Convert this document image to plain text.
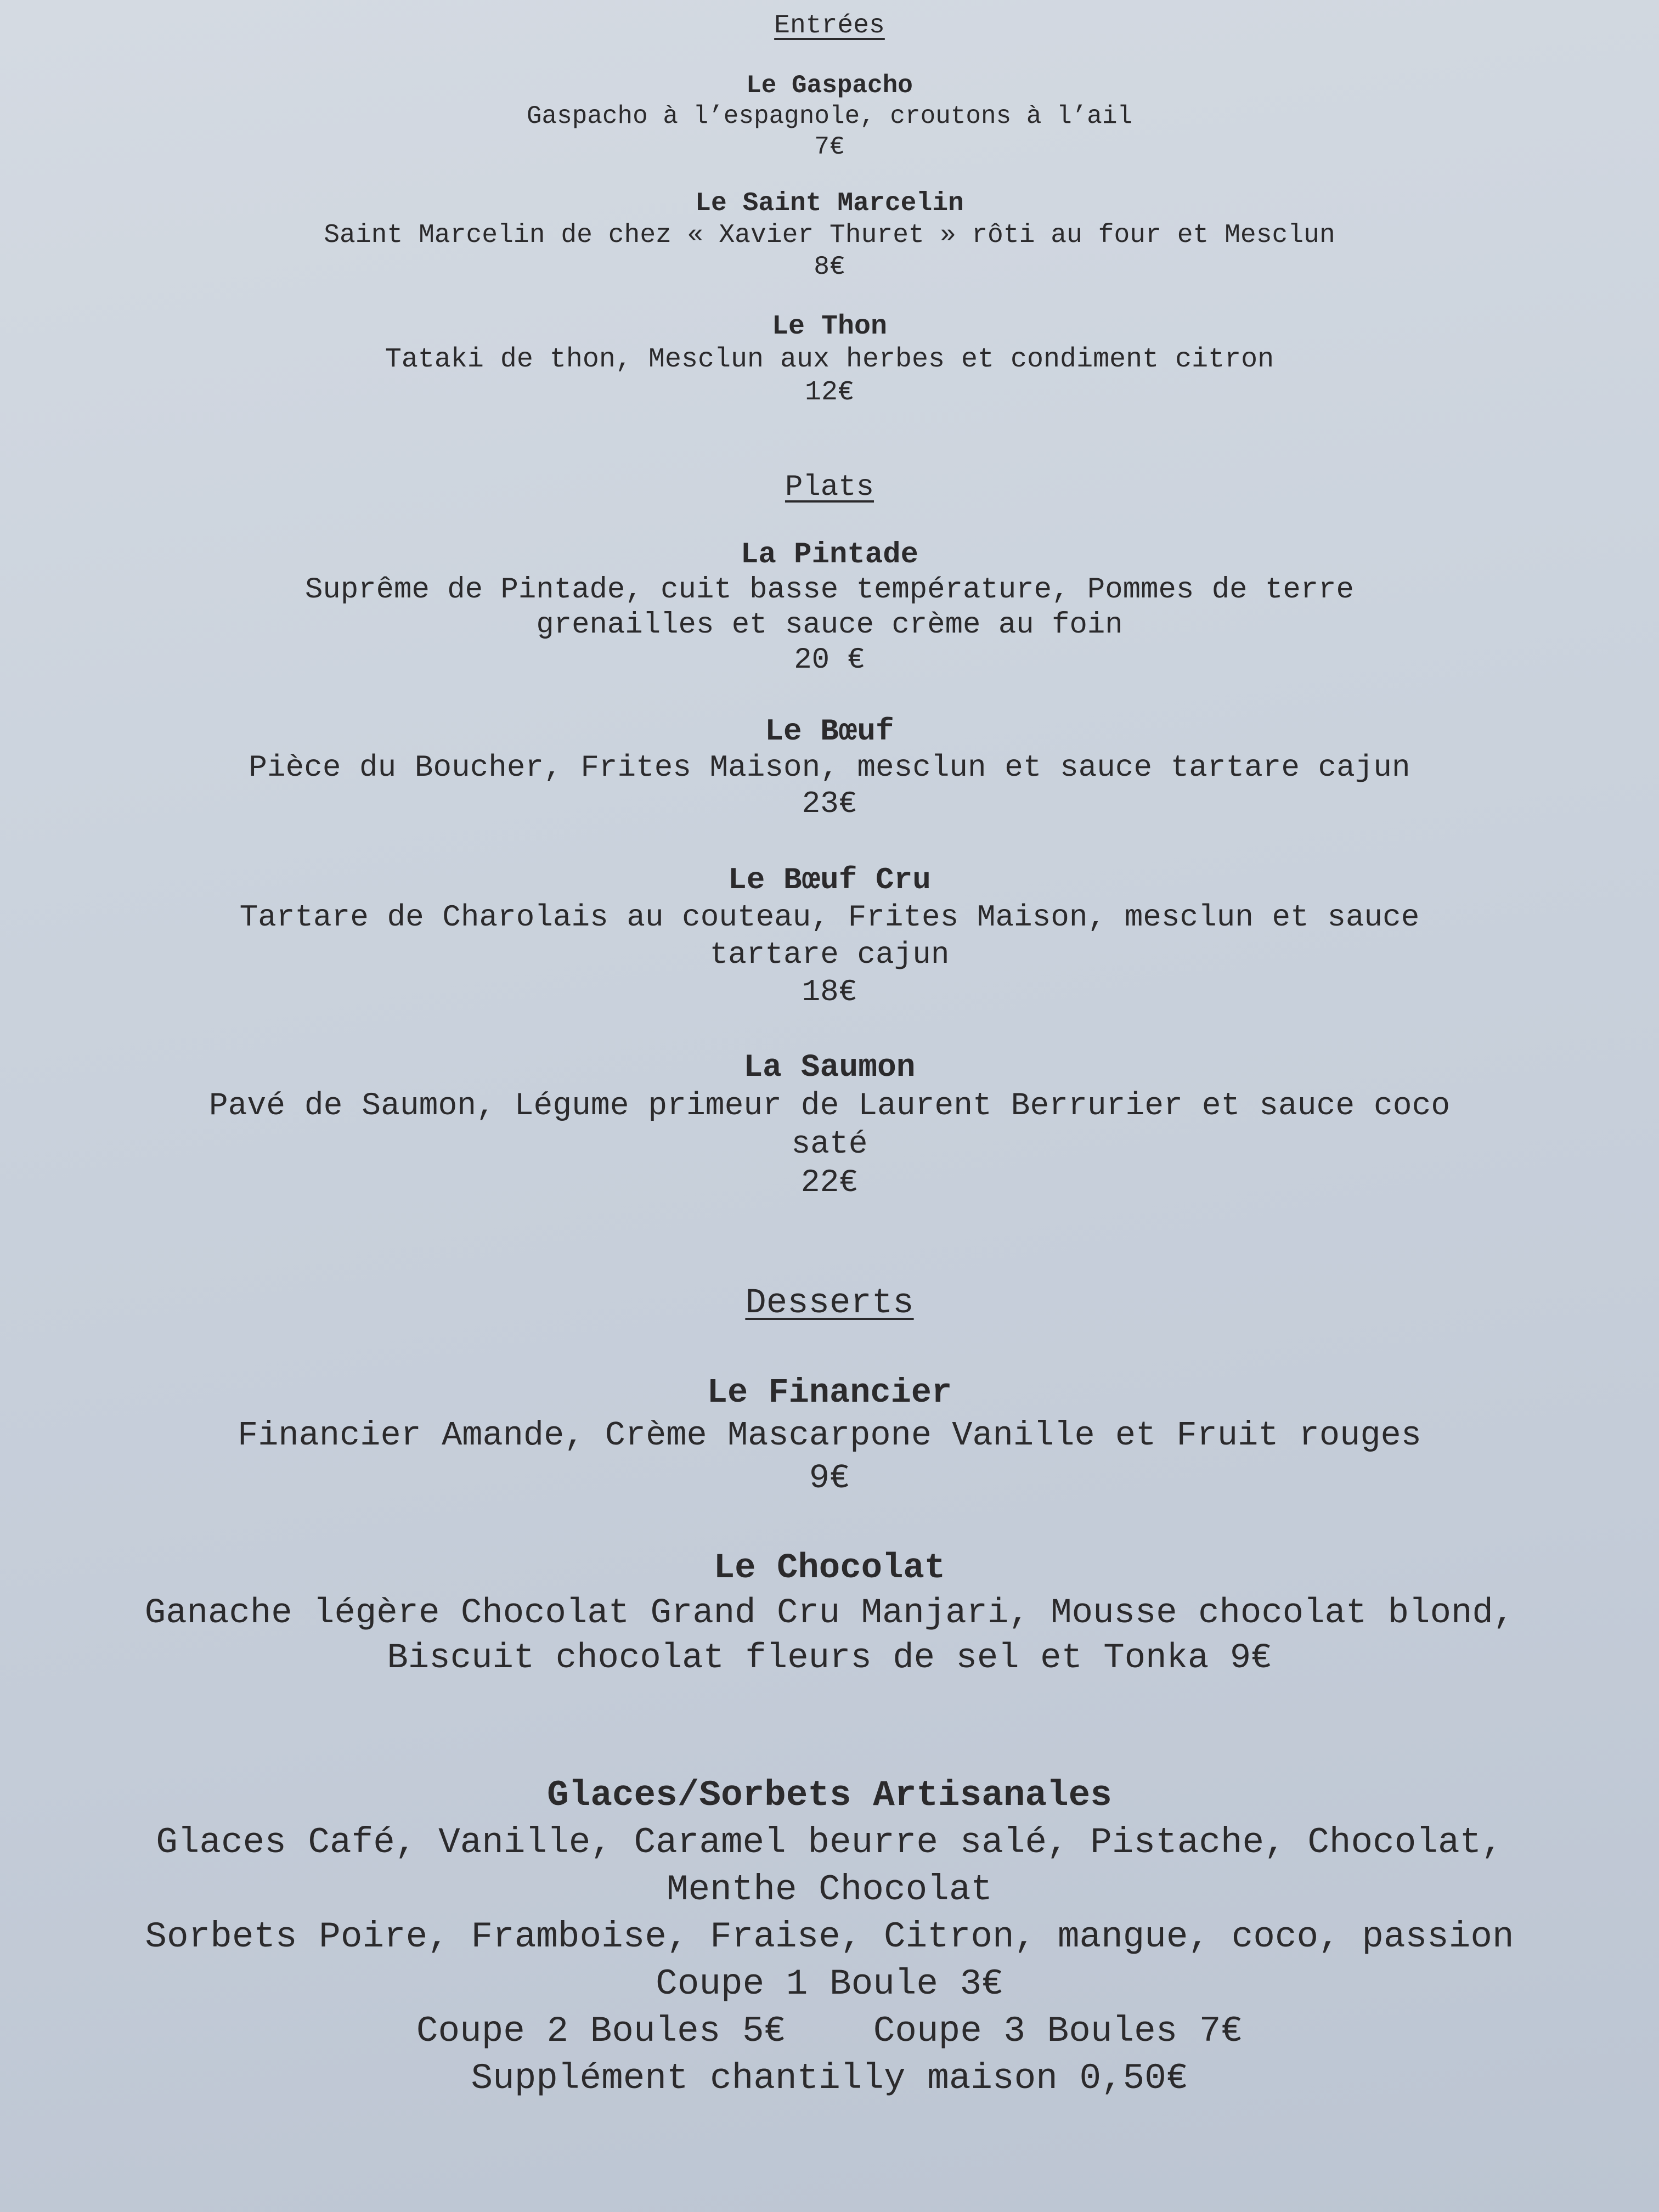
Entrées
Le Gaspacho
Gaspacho à l’espagnole, croutons à l’ail
7€
Le Saint Marcelin
Saint Marcelin de chez « Xavier Thuret » rôti au four et Mesclun
8€
Le Thon
Tataki de thon, Mesclun aux herbes et condiment citron
12€
Plats
La Pintade
Suprême de Pintade, cuit basse température, Pommes de terre
grenailles et sauce crème au foin
20 €
Le Bœuf
Pièce du Boucher, Frites Maison, mesclun et sauce tartare cajun
23€
Le Bœuf Cru
Tartare de Charolais au couteau, Frites Maison, mesclun et sauce
tartare cajun
18€
La Saumon
Pavé de Saumon, Légume primeur de Laurent Berrurier et sauce coco
saté
22€
Desserts
Le Financier
Financier Amande, Crème Mascarpone Vanille et Fruit rouges
9€
Le Chocolat
Ganache légère Chocolat Grand Cru Manjari, Mousse chocolat blond,
Biscuit chocolat fleurs de sel et Tonka 9€
Glaces/Sorbets Artisanales
Glaces Café, Vanille, Caramel beurre salé, Pistache, Chocolat,
Menthe Chocolat
Sorbets Poire, Framboise, Fraise, Citron, mangue, coco, passion
Coupe 1 Boule 3€
Coupe 2 Boules 5€ Coupe 3 Boules 7€
Supplément chantilly maison 0,50€
